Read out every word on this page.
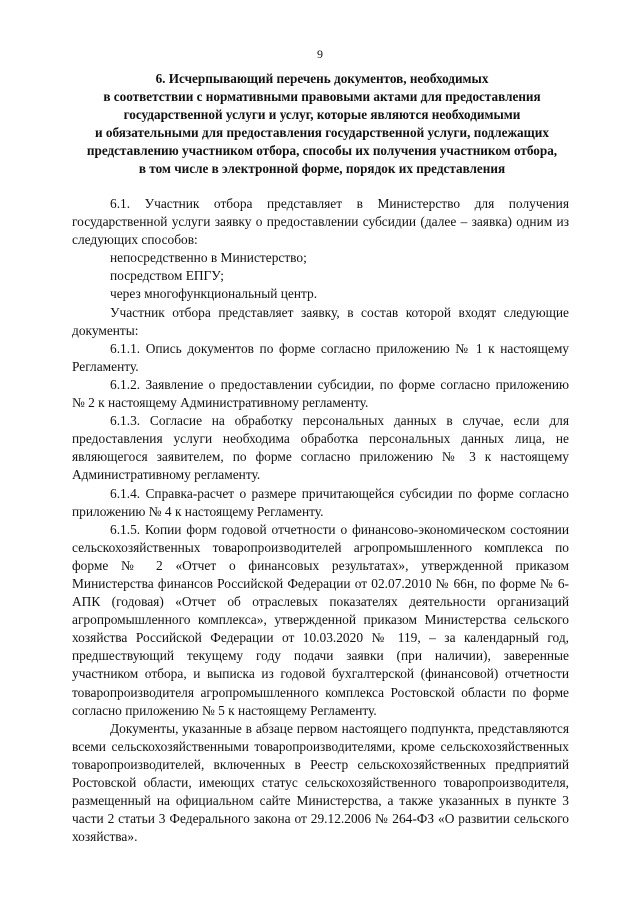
9
6. Исчерпывающий перечень документов, необходимых
в соответствии с нормативными правовыми актами для предоставления
государственной услуги и услуг, которые являются необходимыми
и обязательными для предоставления государственной услуги, подлежащих
представлению участником отбора, способы их получения участником отбора,
в том числе в электронной форме, порядок их представления

6.1. Участник отбора представляет в Министерство для получения государственной услуги заявку о предоставлении субсидии (далее – заявка) одним из следующих способов:

непосредственно в Министерство;

посредством ЕПГУ;

через многофункциональный центр.

Участник отбора представляет заявку, в состав которой входят следующие документы:

6.1.1. Опись документов по форме согласно приложению № 1 к настоящему Регламенту.

6.1.2. Заявление о предоставлении субсидии, по форме согласно приложению № 2 к настоящему Административному регламенту.

6.1.3. Согласие на обработку персональных данных в случае, если для предоставления услуги необходима обработка персональных данных лица, не являющегося заявителем, по форме согласно приложению № 3 к настоящему Административному регламенту.

6.1.4. Справка-расчет о размере причитающейся субсидии по форме согласно приложению № 4 к настоящему Регламенту.

6.1.5. Копии форм годовой отчетности о финансово-экономическом состоянии сельскохозяйственных товаропроизводителей агропромышленного комплекса по форме № 2 «Отчет о финансовых результатах», утвержденной приказом Министерства финансов Российской Федерации от 02.07.2010 № 66н, по форме № 6-АПК (годовая) «Отчет об отраслевых показателях деятельности организаций агропромышленного комплекса», утвержденной приказом Министерства сельского хозяйства Российской Федерации от 10.03.2020 № 119, – за календарный год, предшествующий текущему году подачи заявки (при наличии), заверенные участником отбора, и выписка из годовой бухгалтерской (финансовой) отчетности товаропроизводителя агропромышленного комплекса Ростовской области по форме согласно приложению № 5 к настоящему Регламенту.

Документы, указанные в абзаце первом настоящего подпункта, представляются всеми сельскохозяйственными товаропроизводителями, кроме сельскохозяйственных товаропроизводителей, включенных в Реестр сельскохозяйственных предприятий Ростовской области, имеющих статус сельскохозяйственного товаропроизводителя, размещенный на официальном сайте Министерства, а также указанных в пункте 3 части 2 статьи 3 Федерального закона от 29.12.2006 № 264-ФЗ «О развитии сельского хозяйства».
